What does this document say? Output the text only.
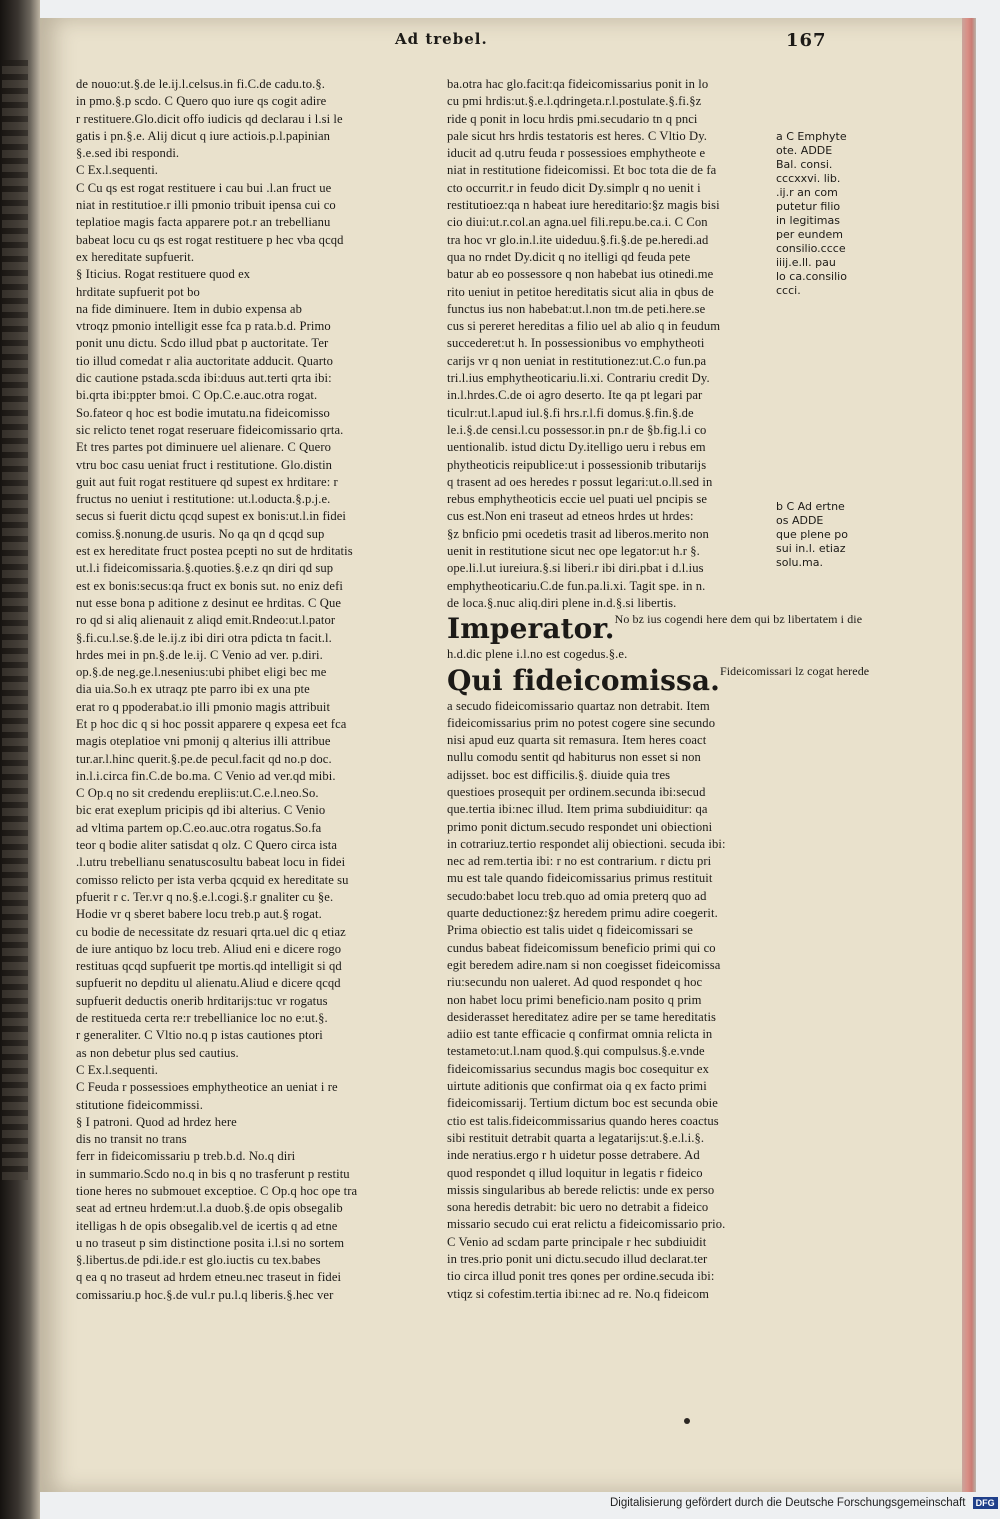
Ad trebel.	167
de nouo:ut.§.de le.ij.l.celsus.in fi.C.de cadu.to.§.
in pmo.§.p scdo. C Quero quo iure qs cogit adire
r restituere.Glo.dicit offo iudicis qd declarau i l.si le
gatis i pn.§.e. Alij dicut q iure actiois.p.l.papinian
§.e.sed ibi respondi.
C Ex.l.sequenti.
C Cu qs est rogat restituere i cau bui .l.an fruct ue
niat in restitutioe.r illi pmonio tribuit ipensa cui co
teplatioe magis facta apparere pot.r an trebellianu
babeat locu cu qs est rogat restituere p hec vba qcqd
ex hereditate supfuerit.
§ Iticius. Rogat restituere quod ex
hrditate supfuerit pot bo
na fide diminuere. Item in dubio expensa ab
vtroqz pmonio intelligit esse fca p rata.b.d. Primo
ponit unu dictu. Scdo illud pbat p auctoritate. Ter
tio illud comedat r alia auctoritate adducit. Quarto
dic cautione pstada.scda ibi:duus aut.terti qrta ibi:
bi.qrta ibi:ppter bmoi. C Op.C.e.auc.otra rogat.
So.fateor q hoc est bodie imutatu.na fideicomisso
sic relicto tenet rogat reseruare fideicomissario qrta.
Et tres partes pot diminuere uel alienare. C Quero
vtru boc casu ueniat fruct i restitutione. Glo.distin
guit aut fuit rogat restituere qd supest ex hrditare: r
fructus no ueniut i restitutione: ut.l.oducta.§.p.j.e.
secus si fuerit dictu qcqd supest ex bonis:ut.l.in fidei
comiss.§.nonung.de usuris. No qa qn d qcqd sup
est ex hereditate fruct postea pcepti no sut de hrditatis
ut.l.i fideicomissaria.§.quoties.§.e.z qn diri qd sup
est ex bonis:secus:qa fruct ex bonis sut. no eniz defi
nut esse bona p aditione z desinut ee hrditas. C Que
ro qd si aliq alienauit z aliqd emit.Rndeo:ut.l.pator
§.fi.cu.l.se.§.de le.ij.z ibi diri otra pdicta tn facit.l.
hrdes mei in pn.§.de le.ij. C Venio ad ver. p.diri.
op.§.de neg.ge.l.nesenius:ubi phibet eligi bec me
dia uia.So.h ex utraqz pte parro ibi ex una pte
erat ro q ppoderabat.io illi pmonio magis attribuit
Et p hoc dic q si hoc possit apparere q expesa eet fca
magis oteplatioe vni pmonij q alterius illi attribue
tur.ar.l.hinc querit.§.pe.de pecul.facit qd no.p doc.
in.l.i.circa fin.C.de bo.ma. C Venio ad ver.qd mibi.
C Op.q no sit credendu erepliis:ut.C.e.l.neo.So.
bic erat exeplum pricipis qd ibi alterius. C Venio
ad vltima partem op.C.eo.auc.otra rogatus.So.fa
teor q bodie aliter satisdat q olz. C Quero circa ista
.l.utru trebellianu senatuscosultu babeat locu in fidei
comisso relicto per ista verba qcquid ex hereditate su
pfuerit r c. Ter.vr q no.§.e.l.cogi.§.r gnaliter cu §e.
Hodie vr q sberet babere locu treb.p aut.§ rogat.
cu bodie de necessitate dz resuari qrta.uel dic q etiaz
de iure antiquo bz locu treb. Aliud eni e dicere rogo
restituas qcqd supfuerit tpe mortis.qd intelligit si qd
supfuerit no depditu ul alienatu.Aliud e dicere qcqd
supfuerit deductis onerib hrditarijs:tuc vr rogatus
de restitueda certa re:r trebellianice loc no e:ut.§.
r generaliter. C Vltio no.q p istas cautiones ptori
as non debetur plus sed cautius.
C Ex.l.sequenti.
C Feuda r possessioes emphytheotice an ueniat i re
stitutione fideicommissi.
§ I patroni. Quod ad hrdez here
dis no transit no trans
ferr in fideicomissariu p treb.b.d. No.q diri
in summario.Scdo no.q in bis q no trasferunt p restitu
tione heres no submouet exceptioe. C Op.q hoc ope tra
seat ad ertneu hrdem:ut.l.a duob.§.de opis obsegalib
itelligas h de opis obsegalib.vel de icertis q ad etne
u no traseut p sim distinctione posita i.l.si no sortem
§.libertus.de pdi.ide.r est glo.iuctis cu tex.babes
q ea q no traseut ad hrdem etneu.nec traseut in fidei
comissariu.p hoc.§.de vul.r pu.l.q liberis.§.hec ver
ba.otra hac glo.facit:qa fideicomissarius ponit in lo
cu pmi hrdis:ut.§.e.l.qdringeta.r.l.postulate.§.fi.§z
ride q ponit in locu hrdis pmi.secudario tn q pnci
pale sicut hrs hrdis testatoris est heres. C Vltio Dy.
iducit ad q.utru feuda r possessioes emphytheote e
niat in restitutione fideicomissi. Et boc tota die de fa
cto occurrit.r in feudo dicit Dy.simplr q no uenit i
restitutioez:qa n habeat iure hereditario:§z magis bisi
cio diui:ut.r.col.an agna.uel fili.repu.be.ca.i. C Con
tra hoc vr glo.in.l.ite uideduu.§.fi.§.de pe.heredi.ad
qua no rndet Dy.dicit q no itelligi qd feuda pete
batur ab eo possessore q non habebat ius otinedi.me
rito ueniut in petitoe hereditatis sicut alia in qbus de
functus ius non habebat:ut.l.non tm.de peti.here.se
cus si pereret hereditas a filio uel ab alio q in feudum
succederet:ut h. In possessionibus vo emphytheoti
carijs vr q non ueniat in restitutionez:ut.C.o fun.pa
tri.l.ius emphytheoticariu.li.xi. Contrariu credit Dy.
in.l.hrdes.C.de oi agro deserto. Ite qa pt legari par
ticulr:ut.l.apud iul.§.fi hrs.r.l.fi domus.§.fin.§.de
le.i.§.de censi.l.cu possessor.in pn.r de §b.fig.l.i co
uentionalib. istud dictu Dy.itelligo ueru i rebus em
phytheoticis reipublice:ut i possessionib tributarijs
q trasent ad oes heredes r possut legari:ut.o.ll.sed in
rebus emphytheoticis eccie uel puati uel pncipis se
cus est.Non eni traseut ad etneos hrdes ut hrdes:
§z bnficio pmi ocedetis trasit ad liberos.merito non
uenit in restitutione sicut nec ope legator:ut h.r §.
ope.li.l.ut iureiura.§.si liberi.r ibi diri.pbat i d.l.ius
emphytheoticariu.C.de fun.pa.li.xi. Tagit spe. in n.
de loca.§.nuc aliq.diri plene in.d.§.si libertis.
Imperator.No bz ius cogendi here dem qui bz libertatem i die
h.d.dic plene i.l.no est cogedus.§.e.
Qui fideicomissa.Fideicomissari lz cogat herede
a secudo fideicomissario quartaz non detrabit. Item
fideicomissarius prim no potest cogere sine secundo
nisi apud euz quarta sit remasura. Item heres coact
nullu comodu sentit qd habiturus non esset si non
adijsset. boc est difficilis.§. diuide quia tres
questioes prosequit per ordinem.secunda ibi:secud
que.tertia ibi:nec illud. Item prima subdiuiditur: qa
primo ponit dictum.secudo respondet uni obiectioni
in cotrariuz.tertio respondet alij obiectioni. secuda ibi:
nec ad rem.tertia ibi: r no est contrarium. r dictu pri
mu est tale quando fideicomissarius primus restituit
secudo:babet locu treb.quo ad omia preterq quo ad
quarte deductionez:§z heredem primu adire coegerit.
Prima obiectio est talis uidet q fideicomissari se
cundus babeat fideicomissum beneficio primi qui co
egit beredem adire.nam si non coegisset fideicomissa
riu:secundu non ualeret. Ad quod respondet q hoc
non habet locu primi beneficio.nam posito q prim
desiderasset hereditatez adire per se tame hereditatis
adiio est tante efficacie q confirmat omnia relicta in
testameto:ut.l.nam quod.§.qui compulsus.§.e.vnde
fideicomissarius secundus magis boc cosequitur ex
uirtute aditionis que confirmat oia q ex facto primi
fideicomissarij. Tertium dictum boc est secunda obie
ctio est talis.fideicommissarius quando heres coactus
sibi restituit detrabit quarta a legatarijs:ut.§.e.l.i.§.
inde neratius.ergo r h uidetur posse detrabere. Ad
quod respondet q illud loquitur in legatis r fideico
missis singularibus ab berede relictis: unde ex perso
sona heredis detrabit: bic uero no detrabit a fideico
missario secudo cui erat relictu a fideicomissario prio.
C Venio ad scdam parte principale r hec subdiuidit
in tres.prio ponit uni dictu.secudo illud declarat.ter
tio circa illud ponit tres qones per ordine.secuda ibi:
vtiqz si cofestim.tertia ibi:nec ad re. No.q fideicom
a C Emphyte
ote. ADDE
Bal. consi.
cccxxvi. lib.
.ij.r an com
putetur filio
in legitimas
per eundem
consilio.ccce
iiij.e.ll. pau
lo ca.consilio
ccci.
b C Ad ertne
os ADDE
que plene po
sui in.l. etiaz
solu.ma.
Digitalisierung gefördert durch die Deutsche Forschungsgemeinschaft DFG
